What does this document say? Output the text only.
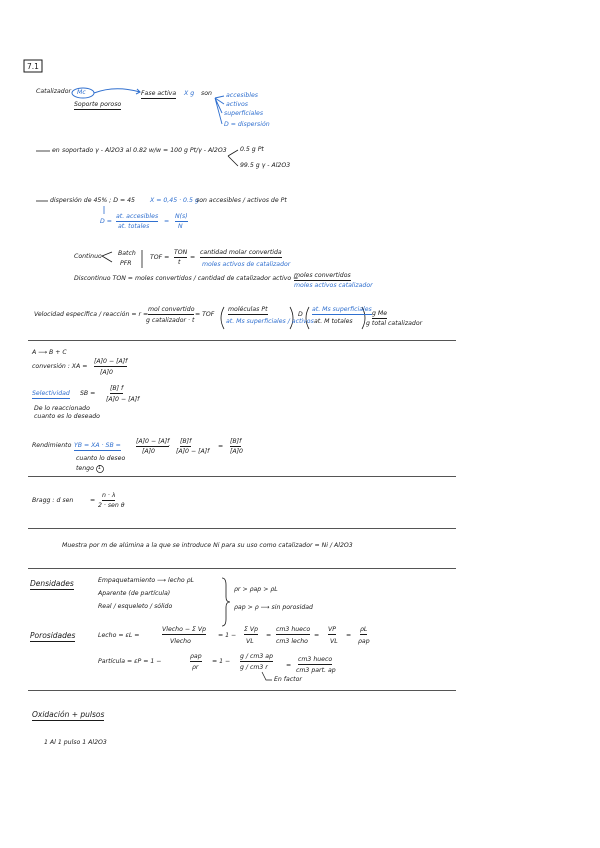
7.1
Catalizador Mc	Fase activa X g son accesibles
activos
superficiales
D = dispersión
Soporte poroso
en soportado γ - Al2O3 al 0.82 w/w = 100 g Pt/γ - Al2O3 0.5 g Pt
99.5 g γ - Al2O3
dispersión de 45% ; D = 45 X = 0,45 · 0.5 g
son accesibles / activos de Pt
D =
at. accesibles
at. totales
=
N(s)
N
Continuo	Batch
PFR
TOF =
TON
t
=
cantidad molar convertida
moles activos de catalizador
Discontinuo TON = moles convertidos / cantidad de catalizador activo =
moles convertidos
moles activos catalizador
Velocidad específica / reacción = r =
mol convertido
g catalizador · t
= TOF
moléculas Pt
at. Ms superficiales / activos
D
at. Ms superficiales
at. M totales
g Me
g total catalizador
A ⟶ B + C
conversión : XA =
[A]0 − [A]f
[A]0
Selectividad SB =
[B] f
[A]0 − [A]f
De lo reaccionado
cuanto es lo deseado
Rendimiento YB = XA · SB =
[A]0 − [A]f
[A]0
·
[B]f
[A]0 − [A]f
=
[B]f
[A]0
cuanto lo deseo
tengo 1
Bragg : d sen	=
n · λ
2 · sen θ
Muestra por m de alúmina a la que se introduce Ni para su uso como catalizador = Ni / Al2O3
Densidades	Empaquetamiento ⟶ lecho ρL
Aparente (de partícula)
Real / esqueleto / sólido
ρr > ρap > ρL
ρap > ρ ⟶ sin porosidad
Porosidades	Lecho = εL =
Vlecho − Σ Vp
Vlecho
= 1 −
Σ Vp
VL
=
cm3 hueco
cm3 lecho
=
VP
VL
=
ρL
ρap
Partícula = εP = 1 −
ρap
ρr
= 1 −
g / cm3 ap
g / cm3 r	=
cm3 hueco
cm3 part. ap
En factor
Oxidación + pulsos
1 Al 1 pulso 1 Al2O3
